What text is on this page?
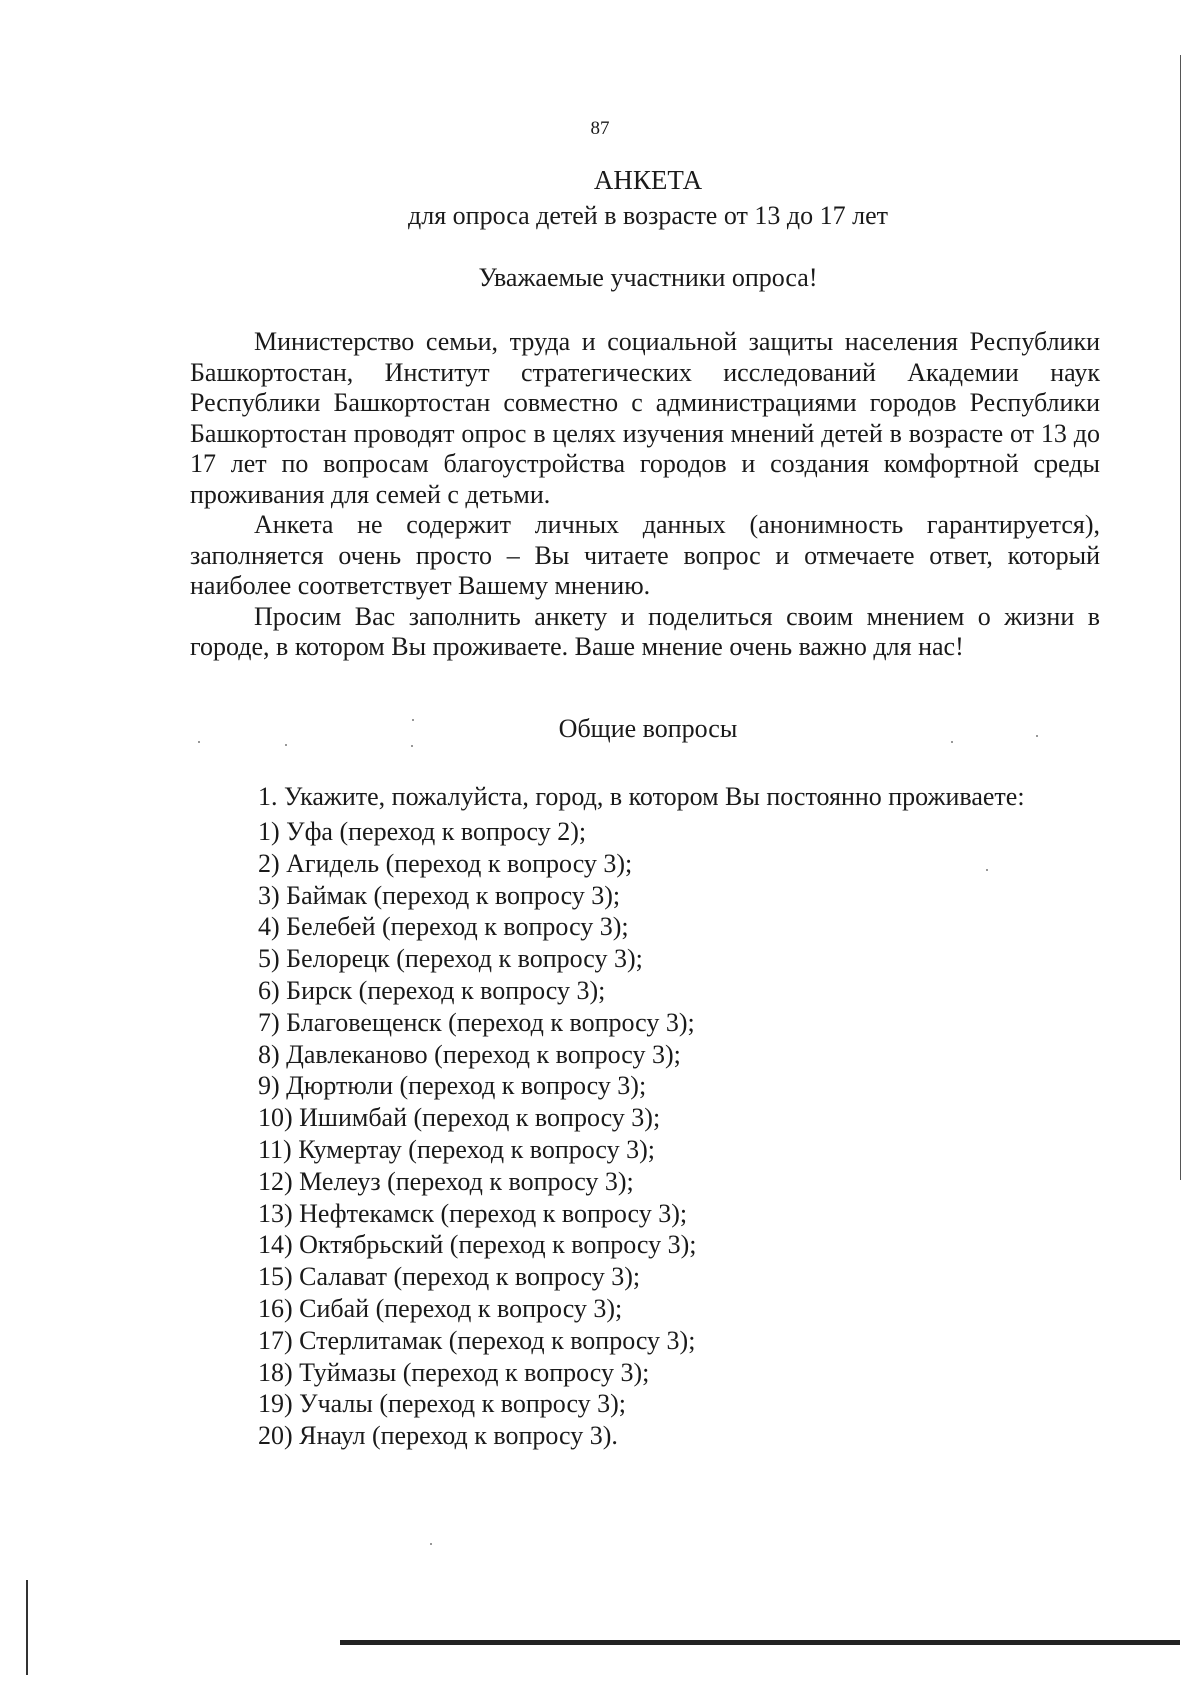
87
АНКЕТА
для опроса детей в возрасте от 13 до 17 лет
Уважаемые участники опроса!

Министерство семьи, труда и социальной защиты населения Республики Башкортостан, Институт стратегических исследований Академии наук Республики Башкортостан совместно с администрациями городов Республики Башкортостан проводят опрос в целях изучения мнений детей в возрасте от 13 до 17 лет по вопросам благоустройства городов и создания комфортной среды проживания для семей с детьми.

Анкета не содержит личных данных (анонимность гарантируется), заполняется очень просто – Вы читаете вопрос и отмечаете ответ, который наиболее соответствует Вашему мнению.

Просим Вас заполнить анкету и поделиться своим мнением о жизни в городе, в котором Вы проживаете. Ваше мнение очень важно для нас!

Общие вопросы
1. Укажите, пожалуйста, город, в котором Вы постоянно проживаете:
1) Уфа (переход к вопросу 2);
2) Агидель (переход к вопросу 3);
3) Баймак (переход к вопросу 3);
4) Белебей (переход к вопросу 3);
5) Белорецк (переход к вопросу 3);
6) Бирск (переход к вопросу 3);
7) Благовещенск (переход к вопросу 3);
8) Давлеканово (переход к вопросу 3);
9) Дюртюли (переход к вопросу 3);
10) Ишимбай (переход к вопросу 3);
11) Кумертау (переход к вопросу 3);
12) Мелеуз (переход к вопросу 3);
13) Нефтекамск (переход к вопросу 3);
14) Октябрьский (переход к вопросу 3);
15) Салават (переход к вопросу 3);
16) Сибай (переход к вопросу 3);
17) Стерлитамак (переход к вопросу 3);
18) Туймазы (переход к вопросу 3);
19) Учалы (переход к вопросу 3);
20) Янаул (переход к вопросу 3).
